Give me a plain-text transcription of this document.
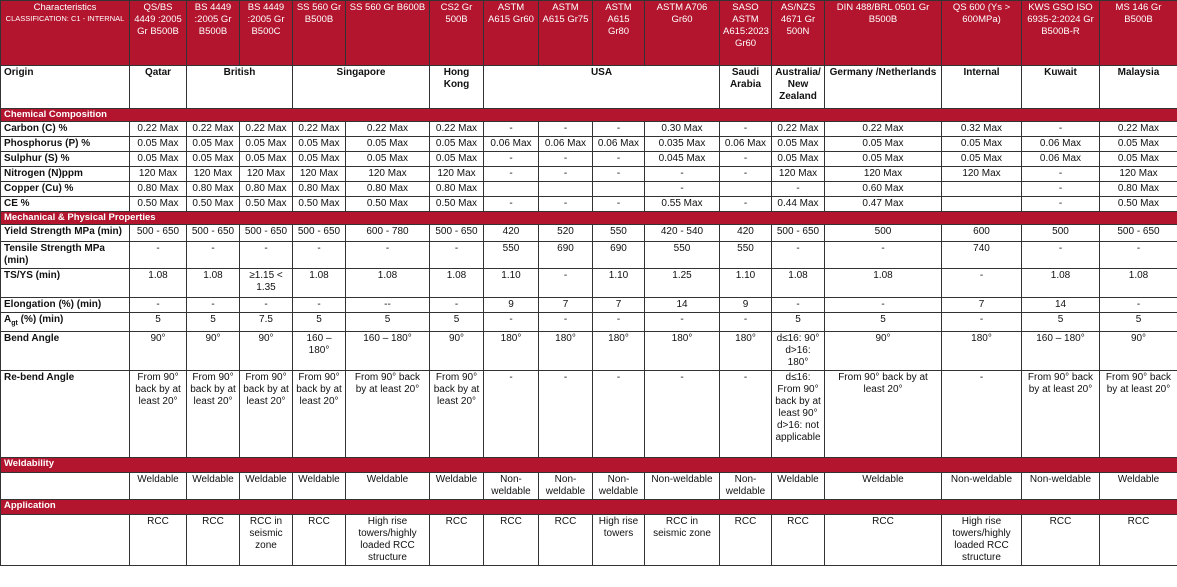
Characteristics
CLASSIFICATION: C1 - INTERNAL	QS/BS 4449 :2005 Gr B500B	BS 4449 :2005 Gr B500B	BS 4449 :2005 Gr B500C	SS 560 Gr B500B	SS 560 Gr B600B	CS2 Gr 500B	ASTM A615 Gr60	ASTM A615 Gr75	ASTM A615 Gr80	ASTM A706 Gr60	SASO ASTM A615:2023 Gr60	AS/NZS 4671 Gr 500N	DIN 488/BRL 0501 Gr B500B	QS 600 (Ys > 600MPa)	KWS GSO ISO 6935-2:2024 Gr B500B-R	MS 146 Gr B500B
Origin	Qatar	British		Singapore		Hong Kong	USA				Saudi Arabia	Australia/ New Zealand	Germany /Netherlands	Internal	Kuwait	Malaysia
Chemical Composition																
Carbon (C) %	0.22 Max	0.22 Max	0.22 Max	0.22 Max	0.22 Max	0.22 Max	-	-	-	0.30 Max	-	0.22 Max	0.22 Max	0.32 Max	-	0.22 Max
Phosphorus (P) %	0.05 Max	0.05 Max	0.05 Max	0.05 Max	0.05 Max	0.05 Max	0.06 Max	0.06 Max	0.06 Max	0.035 Max	0.06 Max	0.05 Max	0.05 Max	0.05 Max	0.06 Max	0.05 Max
Sulphur (S) %	0.05 Max	0.05 Max	0.05 Max	0.05 Max	0.05 Max	0.05 Max	-	-	-	0.045 Max	-	0.05 Max	0.05 Max	0.05 Max	0.06 Max	0.05 Max
Nitrogen (N)ppm	120 Max	120 Max	120 Max	120 Max	120 Max	120 Max	-	-	-	-	-	120 Max	120 Max	120 Max	-	120 Max
Copper (Cu) %	0.80 Max	0.80 Max	0.80 Max	0.80 Max	0.80 Max	0.80 Max				-		-	0.60 Max		-	0.80 Max
CE %	0.50 Max	0.50 Max	0.50 Max	0.50 Max	0.50 Max	0.50 Max	-	-	-	0.55 Max	-	0.44 Max	0.47 Max		-	0.50 Max
Mechanical & Physical Properties																
Yield Strength MPa (min)	500 - 650	500 - 650	500 - 650	500 - 650	600 - 780	500 - 650	420	520	550	420 - 540	420	500 - 650	500	600	500	500 - 650
Tensile Strength MPa (min)	-	-	-	-	-	-	550	690	690	550	550	-	-	740	-	-
TS/YS (min)	1.08	1.08	≥1.15 < 1.35	1.08	1.08	1.08	1.10	-	1.10	1.25	1.10	1.08	1.08	-	1.08	1.08
Elongation (%) (min)	-	-	-	-	--	-	9	7	7	14	9	-	-	7	14	-
$A_{gt}$ (%) (min)	5	5	7.5	5	5	5	-	-	-	-	-	5	5	-	5	5
Bend Angle	90°	90°	90°	160 – 180°	160 – 180°	90°	180°	180°	180°	180°	180°	d≤16: 90° d>16: 180°	90°	180°	160 – 180°	90°
Re-bend Angle	From 90° back by at least 20°	From 90° back by at least 20°	From 90° back by at least 20°	From 90° back by at least 20°	From 90° back by at least 20°	From 90° back by at least 20°	-	-	-	-	-	d≤16: From 90° back by at least 90° d>16: not applicable	From 90° back by at least 20°	-	From 90° back by at least 20°	From 90° back by at least 20°
Weldability																
	Weldable	Weldable	Weldable	Weldable	Weldable	Weldable	Non-weldable	Non-weldable	Non-weldable	Non-weldable	Non-weldable	Weldable	Weldable	Non-weldable	Non-weldable	Weldable
Application																
	RCC	RCC	RCC in seismic zone	RCC	High rise towers/highly loaded RCC structure	RCC	RCC	RCC	High rise towers	RCC in seismic zone	RCC	RCC	RCC	High rise towers/highly loaded RCC structure	RCC	RCC
